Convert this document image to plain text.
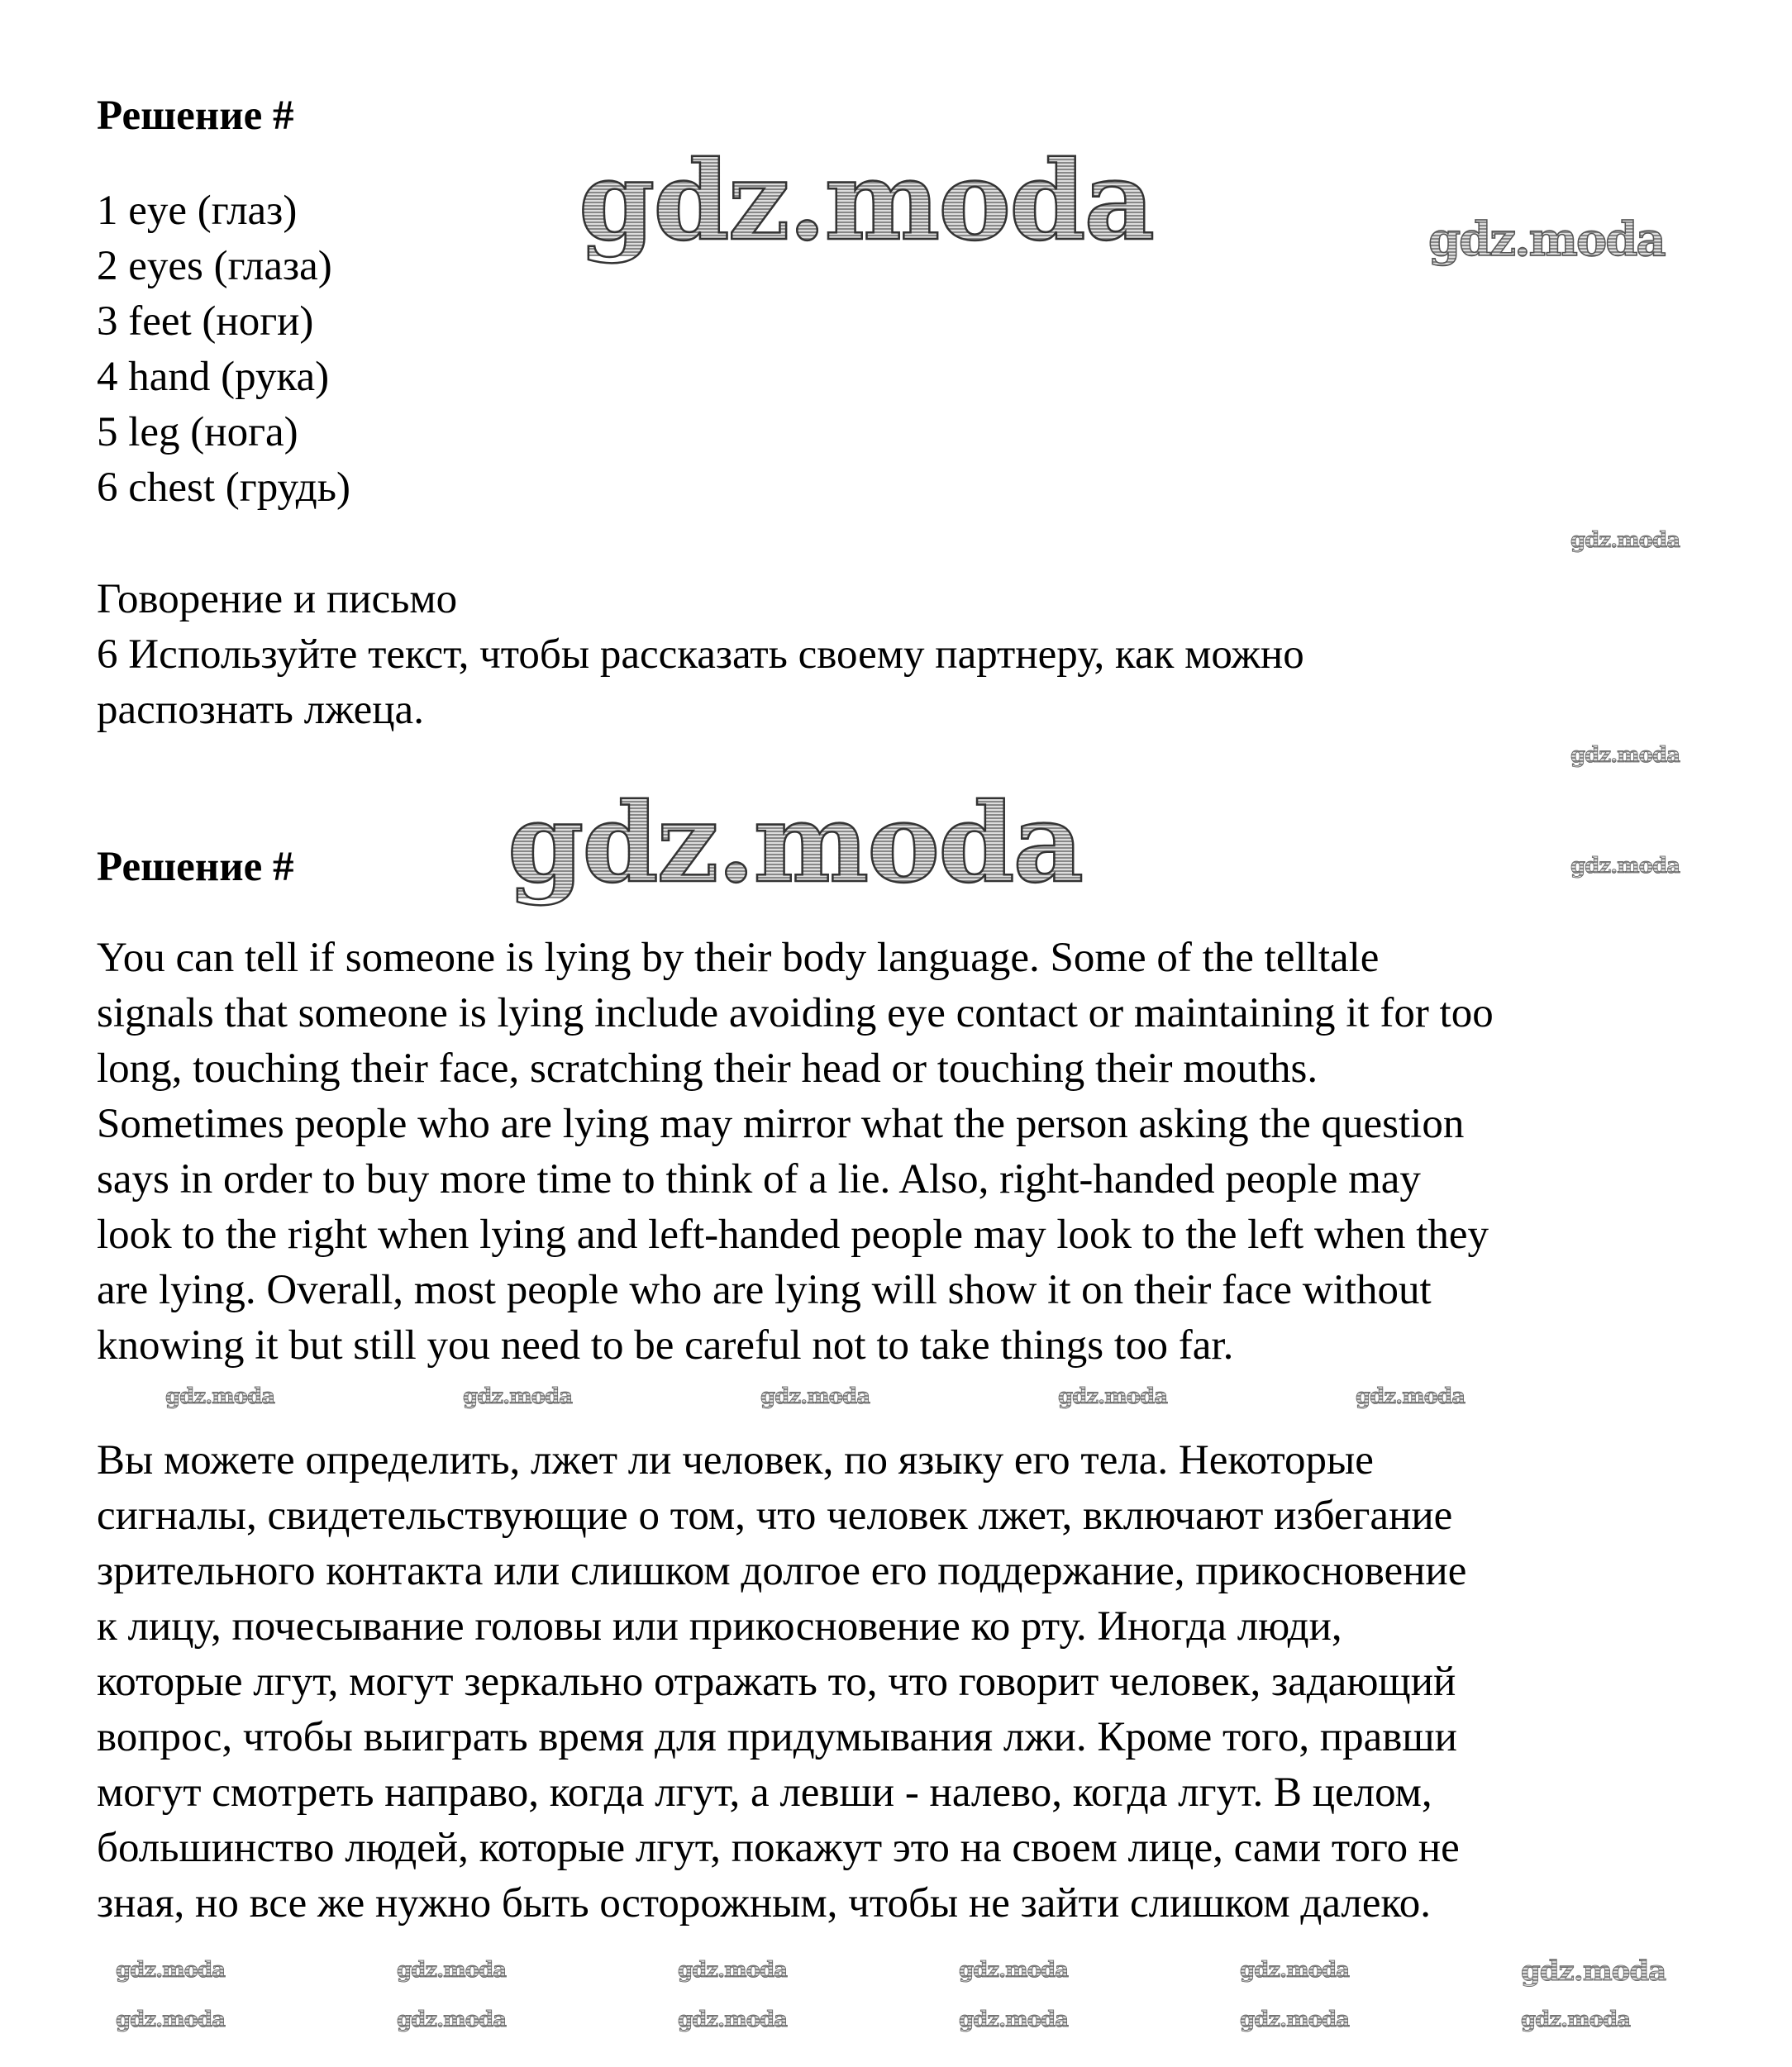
Решение #
1 eye (глаз)
2 eyes (глаза)
3 feet (ноги)
4 hand (рука)
5 leg (нога)
6 chest (грудь)
Говорение и письмо
6 Используйте текст, чтобы рассказать своему партнеру, как можно
распознать лжеца.
Решение #
You can tell if someone is lying by their body language. Some of the telltale
signals that someone is lying include avoiding eye contact or maintaining it for too
long, touching their face, scratching their head or touching their mouths.
Sometimes people who are lying may mirror what the person asking the question
says in order to buy more time to think of a lie. Also, right-handed people may
look to the right when lying and left-handed people may look to the left when they
are lying. Overall, most people who are lying will show it on their face without
knowing it but still you need to be careful not to take things too far.
Вы можете определить, лжет ли человек, по языку его тела. Некоторые
сигналы, свидетельствующие о том, что человек лжет, включают избегание
зрительного контакта или слишком долгое его поддержание, прикосновение
к лицу, почесывание головы или прикосновение ко рту. Иногда люди,
которые лгут, могут зеркально отражать то, что говорит человек, задающий
вопрос, чтобы выиграть время для придумывания лжи. Кроме того, правши
могут смотреть направо, когда лгут, а левши - налево, когда лгут. В целом,
большинство людей, которые лгут, покажут это на своем лице, сами того не
зная, но все же нужно быть осторожным, чтобы не зайти слишком далеко.
gdz.moda
gdz.moda
gdz.moda
gdz.moda
gdz.moda
gdz.moda
gdz.moda	gdz.moda	gdz.moda	gdz.moda	gdz.moda
gdz.moda	gdz.moda	gdz.moda	gdz.moda	gdz.moda	gdz.moda
gdz.moda	gdz.moda	gdz.moda	gdz.moda	gdz.moda	gdz.moda
